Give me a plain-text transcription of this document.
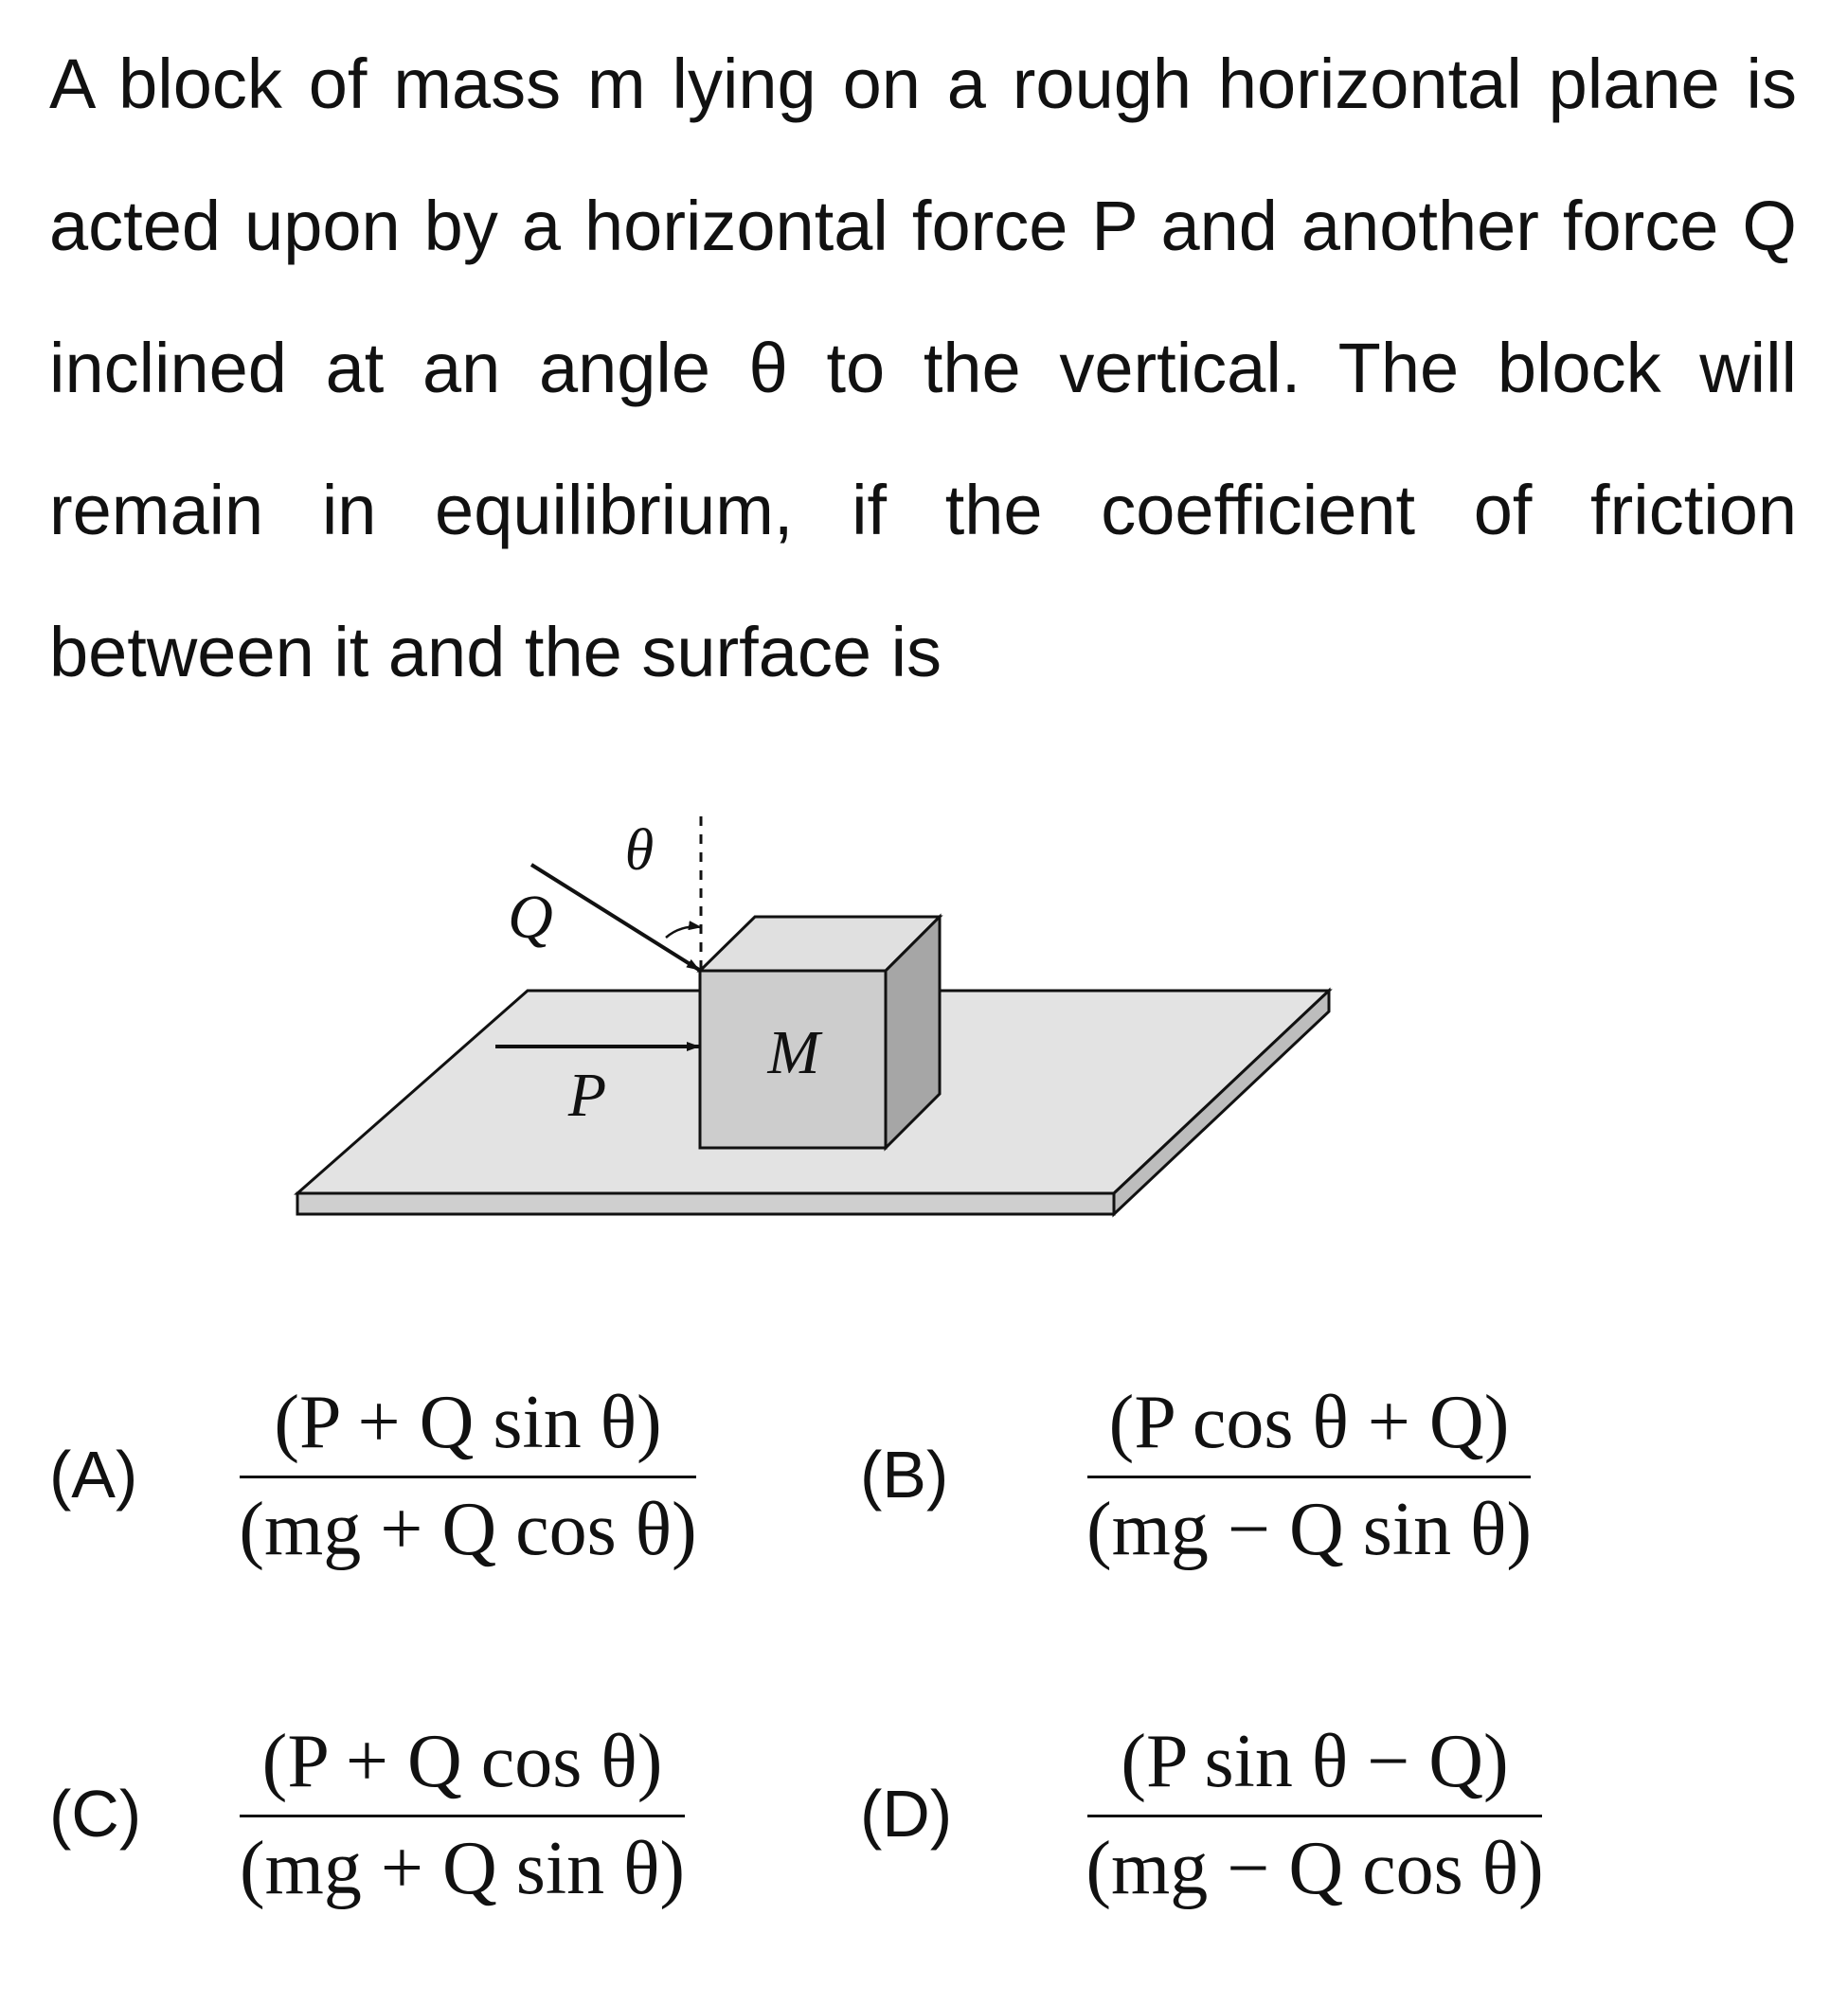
A block of mass m lying on a rough horizontal plane is acted upon by a horizontal force P and another force Q inclined at an angle θ to the vertical. The block will remain in equilibrium, if the coefficient of friction between it and the surface is

θ
Q
P
M
(A)
(P + Q sin θ)
(mg + Q cos θ)
(B)
(P cos θ + Q)
(mg − Q sin θ)
(C)
(P + Q cos θ)
(mg + Q sin θ)
(D)
(P sin θ − Q)
(mg − Q cos θ)
